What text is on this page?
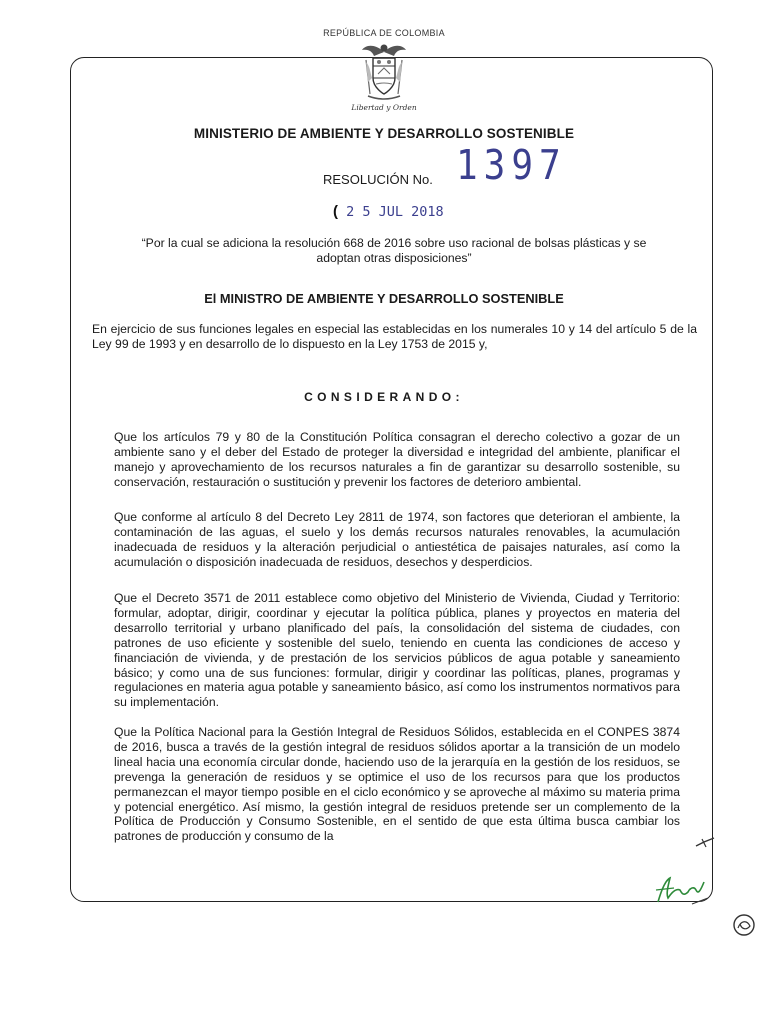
REPÚBLICA DE COLOMBIA
Libertad y Orden
MINISTERIO DE AMBIENTE Y DESARROLLO SOSTENIBLE
RESOLUCIÓN No. 1397
( 2 5 JUL 2018
“Por la cual se adiciona la resolución 668 de 2016 sobre uso racional de bolsas plásticas y se adoptan otras disposiciones”
El MINISTRO DE AMBIENTE Y DESARROLLO SOSTENIBLE
En ejercicio de sus funciones legales en especial las establecidas en los numerales 10 y 14 del artículo 5 de la Ley 99 de 1993 y en desarrollo de lo dispuesto en la Ley 1753 de 2015 y,
CONSIDERANDO:
Que los artículos 79 y 80 de la Constitución Política consagran el derecho colectivo a gozar de un ambiente sano y el deber del Estado de proteger la diversidad e integridad del ambiente, planificar el manejo y aprovechamiento de los recursos naturales a fin de garantizar su desarrollo sostenible, su conservación, restauración o sustitución y prevenir los factores de deterioro ambiental.
Que conforme al artículo 8 del Decreto Ley 2811 de 1974, son factores que deterioran el ambiente, la contaminación de las aguas, el suelo y los demás recursos naturales renovables, la acumulación inadecuada de residuos y la alteración perjudicial o antiestética de paisajes naturales, así como la acumulación o disposición inadecuada de residuos, desechos y desperdicios.
Que el Decreto 3571 de 2011 establece como objetivo del Ministerio de Vivienda, Ciudad y Territorio: formular, adoptar, dirigir, coordinar y ejecutar la política pública, planes y proyectos en materia del desarrollo territorial y urbano planificado del país, la consolidación del sistema de ciudades, con patrones de uso eficiente y sostenible del suelo, teniendo en cuenta las condiciones de acceso y financiación de vivienda, y de prestación de los servicios públicos de agua potable y saneamiento básico; y como una de sus funciones: formular, dirigir y coordinar las políticas, planes, programas y regulaciones en materia agua potable y saneamiento básico, así como los instrumentos normativos para su implementación.
Que la Política Nacional para la Gestión Integral de Residuos Sólidos, establecida en el CONPES 3874 de 2016, busca a través de la gestión integral de residuos sólidos aportar a la transición de un modelo lineal hacia una economía circular donde, haciendo uso de la jerarquía en la gestión de los residuos, se prevenga la generación de residuos y se optimice el uso de los recursos para que los productos permanezcan el mayor tiempo posible en el ciclo económico y se aproveche al máximo su materia prima y potencial energético. Así mismo, la gestión integral de residuos pretende ser un complemento de la Política de Producción y Consumo Sostenible, en el sentido de que esta última busca cambiar los patrones de producción y consumo de la
